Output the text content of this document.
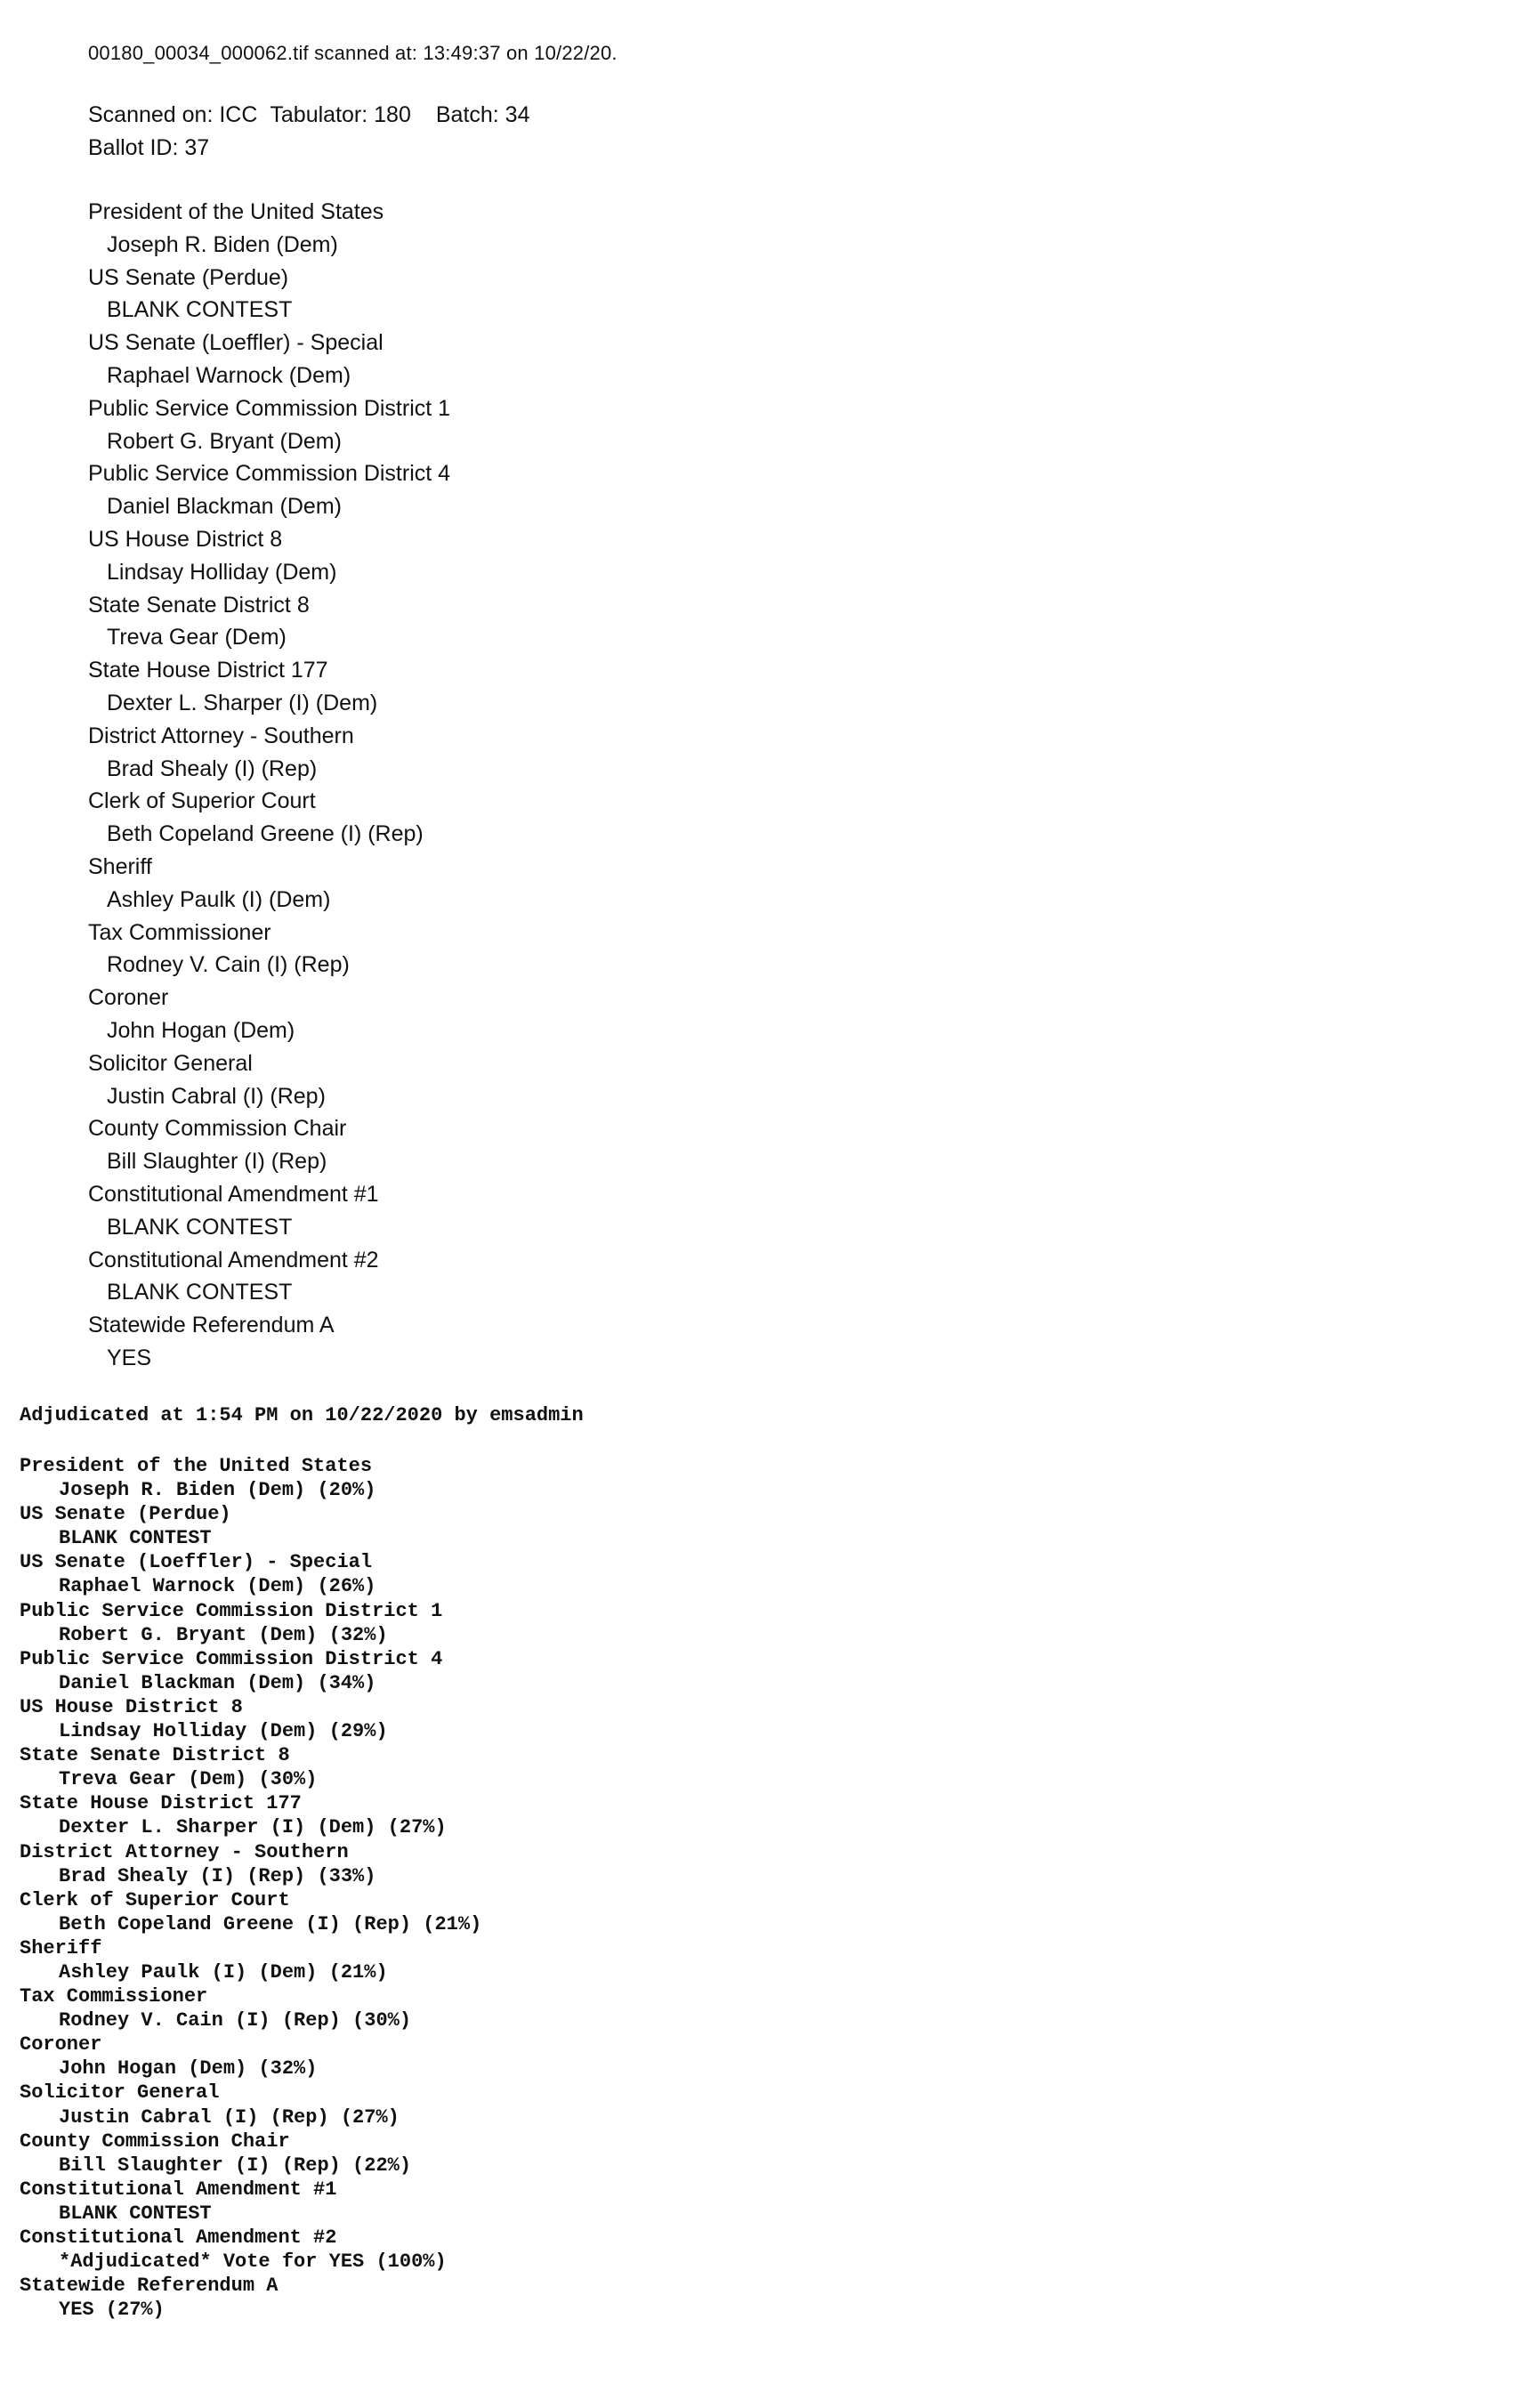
00180_00034_000062.tif scanned at: 13:49:37 on 10/22/20.
Scanned on: ICC Tabulator: 180 Batch: 34
Ballot ID: 37
President of the United States
Joseph R. Biden (Dem)
US Senate (Perdue)
BLANK CONTEST
US Senate (Loeffler) - Special
Raphael Warnock (Dem)
Public Service Commission District 1
Robert G. Bryant (Dem)
Public Service Commission District 4
Daniel Blackman (Dem)
US House District 8
Lindsay Holliday (Dem)
State Senate District 8
Treva Gear (Dem)
State House District 177
Dexter L. Sharper (I) (Dem)
District Attorney - Southern
Brad Shealy (I) (Rep)
Clerk of Superior Court
Beth Copeland Greene (I) (Rep)
Sheriff
Ashley Paulk (I) (Dem)
Tax Commissioner
Rodney V. Cain (I) (Rep)
Coroner
John Hogan (Dem)
Solicitor General
Justin Cabral (I) (Rep)
County Commission Chair
Bill Slaughter (I) (Rep)
Constitutional Amendment #1
BLANK CONTEST
Constitutional Amendment #2
BLANK CONTEST
Statewide Referendum A
YES
Adjudicated at 1:54 PM on 10/22/2020 by emsadmin
President of the United States
Joseph R. Biden (Dem) (20%)
US Senate (Perdue)
BLANK CONTEST
US Senate (Loeffler) - Special
Raphael Warnock (Dem) (26%)
Public Service Commission District 1
Robert G. Bryant (Dem) (32%)
Public Service Commission District 4
Daniel Blackman (Dem) (34%)
US House District 8
Lindsay Holliday (Dem) (29%)
State Senate District 8
Treva Gear (Dem) (30%)
State House District 177
Dexter L. Sharper (I) (Dem) (27%)
District Attorney - Southern
Brad Shealy (I) (Rep) (33%)
Clerk of Superior Court
Beth Copeland Greene (I) (Rep) (21%)
Sheriff
Ashley Paulk (I) (Dem) (21%)
Tax Commissioner
Rodney V. Cain (I) (Rep) (30%)
Coroner
John Hogan (Dem) (32%)
Solicitor General
Justin Cabral (I) (Rep) (27%)
County Commission Chair
Bill Slaughter (I) (Rep) (22%)
Constitutional Amendment #1
BLANK CONTEST
Constitutional Amendment #2
*Adjudicated* Vote for YES (100%)
Statewide Referendum A
YES (27%)
